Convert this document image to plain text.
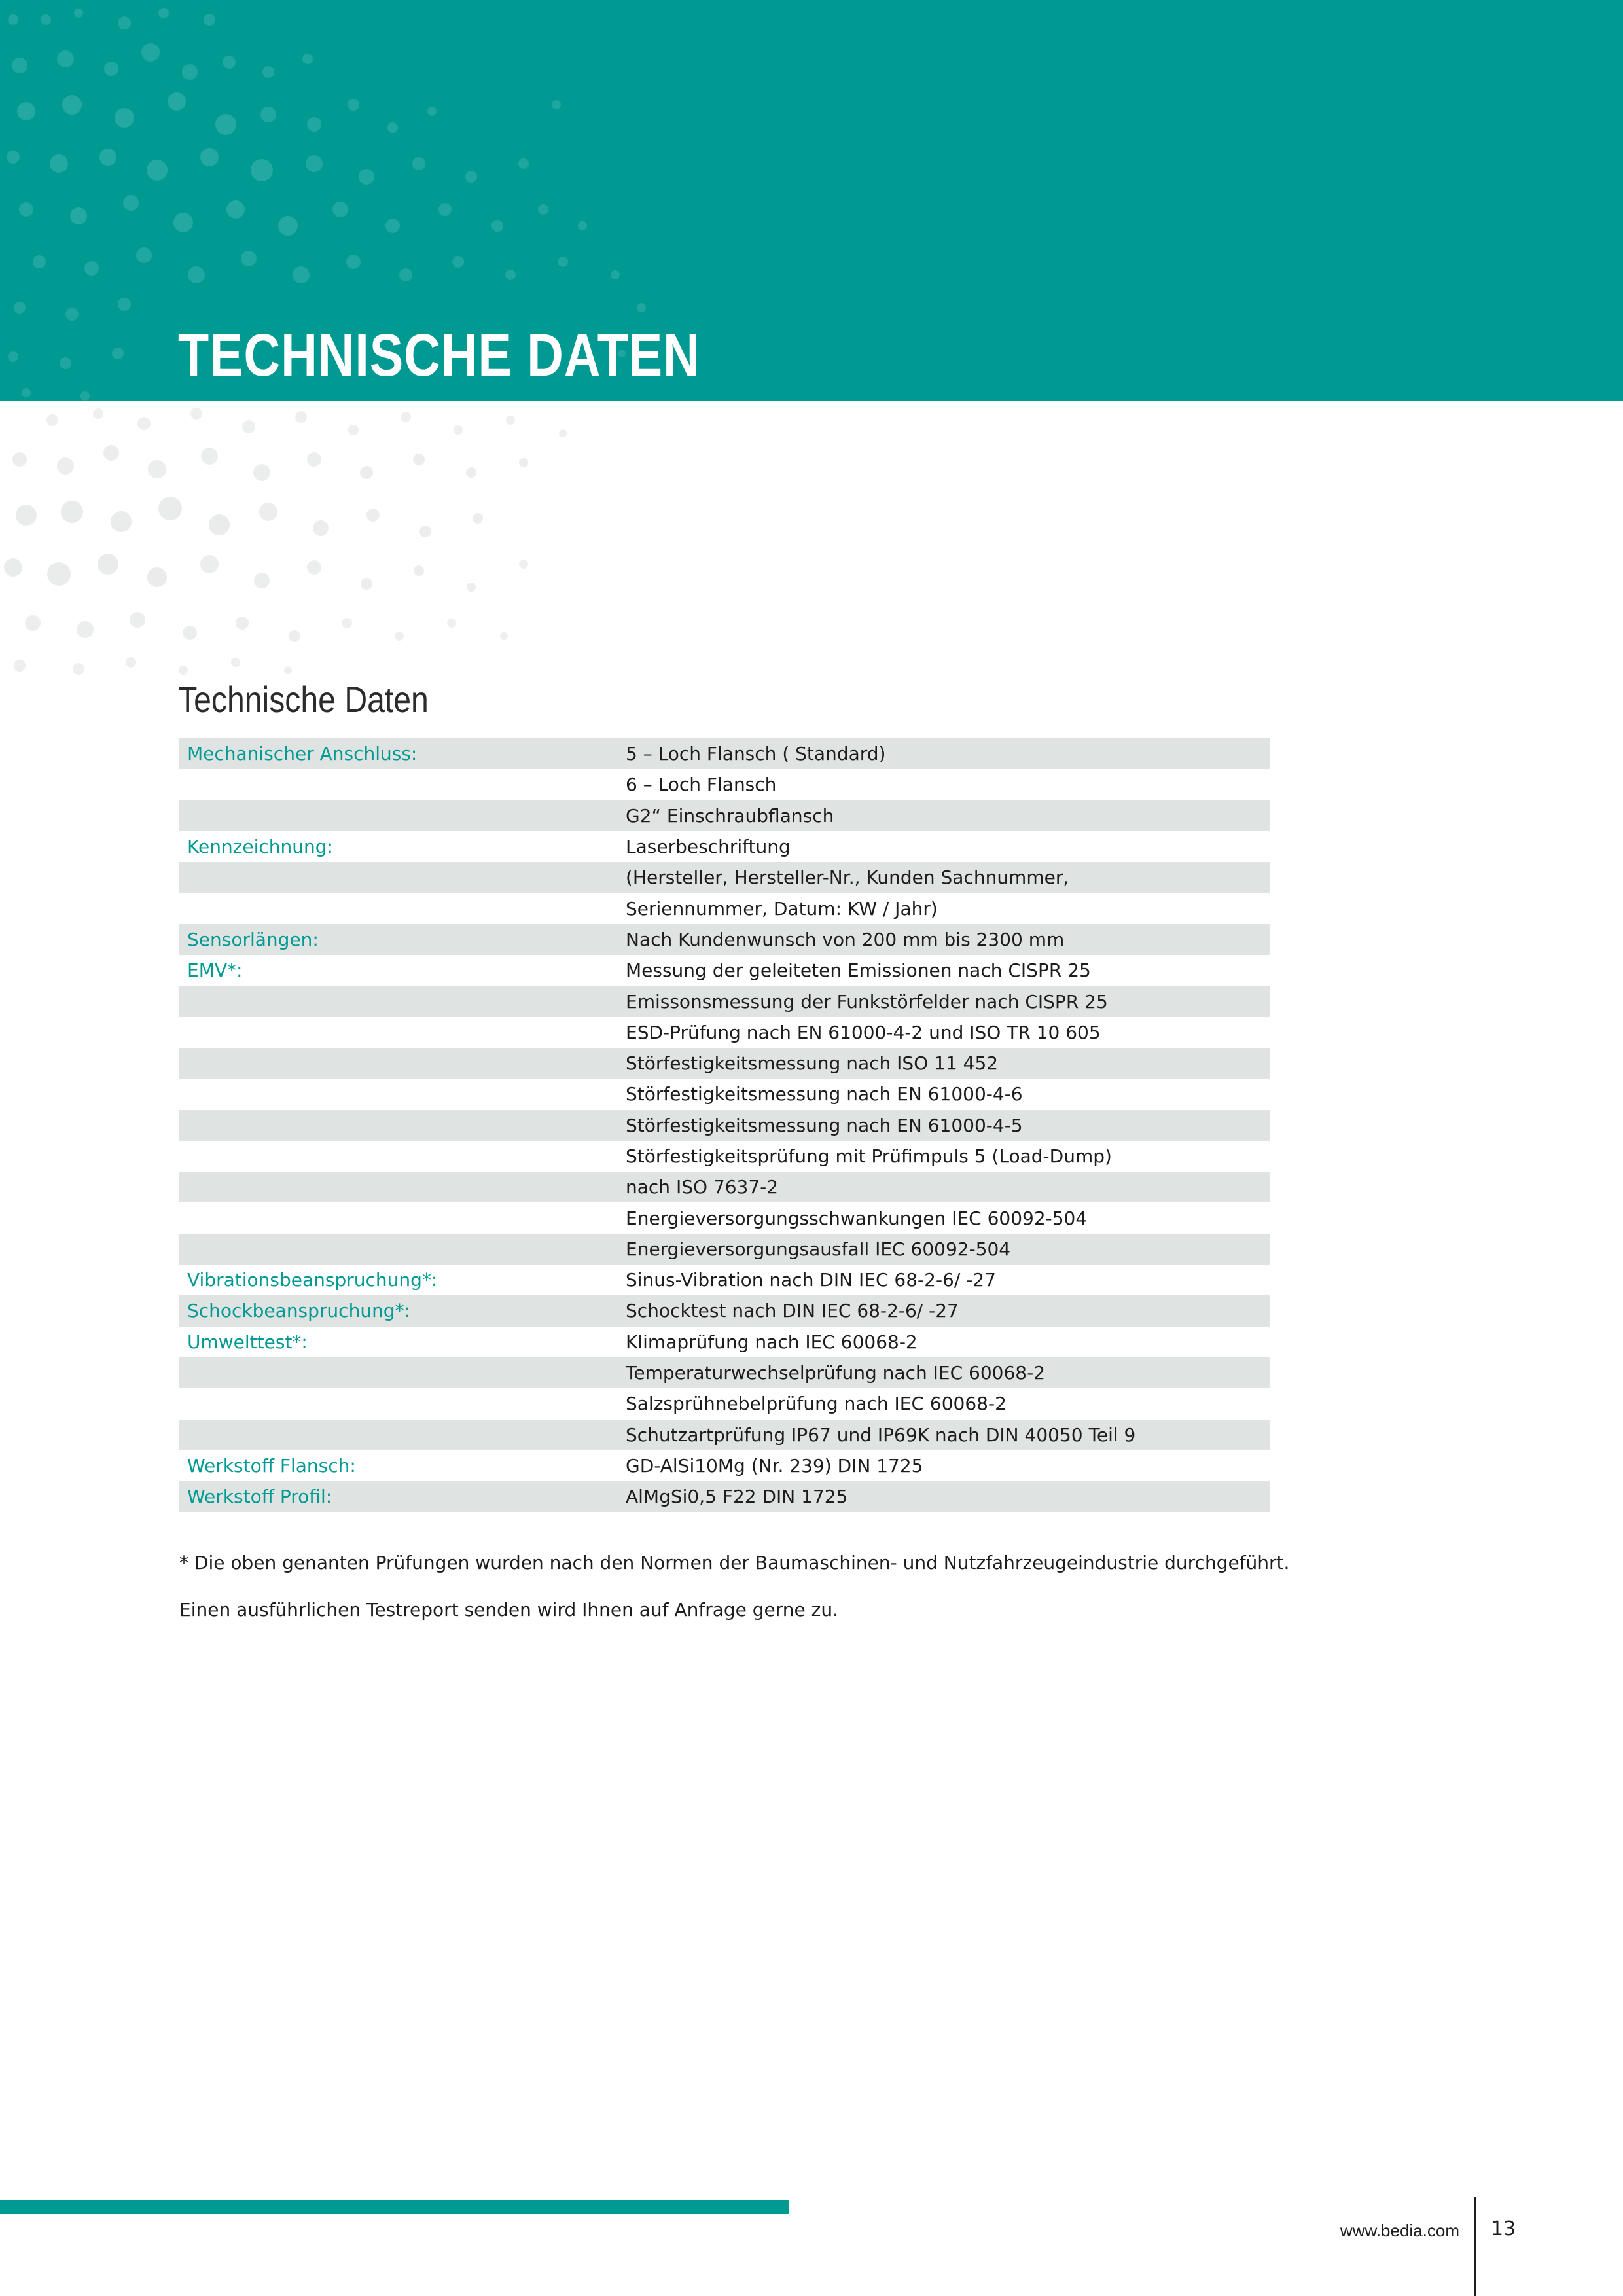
TECHNISCHE DATEN
Technische Daten
Mechanischer Anschluss:	5 – Loch Flansch ( Standard)
	6 – Loch Flansch
	G2“ Einschraubflansch
Kennzeichnung:	Laserbeschriftung
	(Hersteller, Hersteller-Nr., Kunden Sachnummer,
	Seriennummer, Datum: KW / Jahr)
Sensorlängen:	Nach Kundenwunsch von 200 mm bis 2300 mm
EMV*:	Messung der geleiteten Emissionen nach CISPR 25
	Emissonsmessung der Funkstörfelder nach CISPR 25
	ESD-Prüfung nach EN 61000-4-2 und ISO TR 10 605
	Störfestigkeitsmessung nach ISO 11 452
	Störfestigkeitsmessung nach EN 61000-4-6
	Störfestigkeitsmessung nach EN 61000-4-5
	Störfestigkeitsprüfung mit Prüfimpuls 5 (Load-Dump)
	nach ISO 7637-2
	Energieversorgungsschwankungen IEC 60092-504
	Energieversorgungsausfall IEC 60092-504
Vibrationsbeanspruchung*:	Sinus-Vibration nach DIN IEC 68-2-6/ -27
Schockbeanspruchung*:	Schocktest nach DIN IEC 68-2-6/ -27
Umwelttest*:	Klimaprüfung nach IEC 60068-2
	Temperaturwechselprüfung nach IEC 60068-2
	Salzsprühnebelprüfung nach IEC 60068-2
	Schutzartprüfung IP67 und IP69K nach DIN 40050 Teil 9
Werkstoff Flansch:	GD-AlSi10Mg (Nr. 239) DIN 1725
Werkstoff Profil:	AlMgSi0,5 F22 DIN 1725

* Die oben genanten Prüfungen wurden nach den Normen der Baumaschinen- und Nutzfahrzeugeindustrie durchgeführt.

Einen ausführlichen Testreport senden wird Ihnen auf Anfrage gerne zu.

www.bedia.com 13
